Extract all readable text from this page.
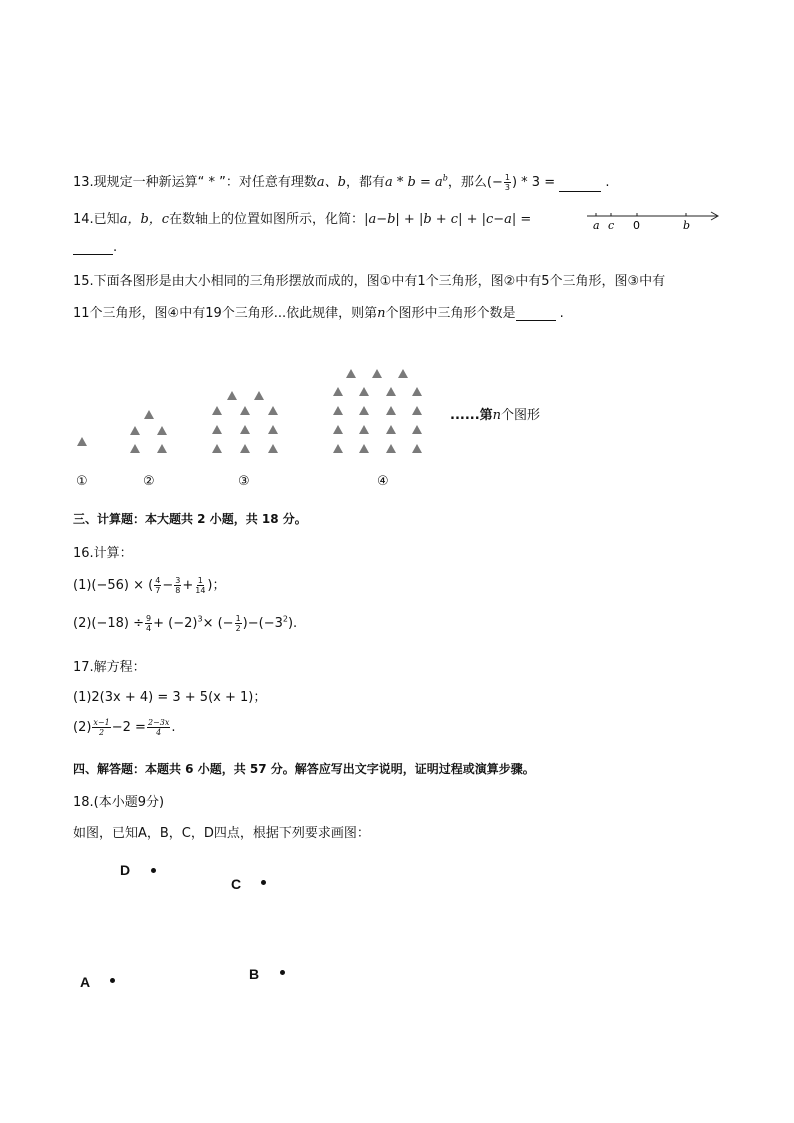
13.现规定一种新运算“ * ”：对任意有理数a、b，都有$a * b = a^b$，那么(− $\frac{1}{3}$ ) * 3 =	.
14.已知a，b，c在数轴上的位置如图所示，化简：|a−b| + |b + c| + |c−a| =
.
a c 0	b
15.下面各图形是由大小相同的三角形摆放而成的，图①中有1个三角形，图②中有5个三角形，图③中有
11个三角形，图④中有19个三角形...依此规律，则第n个图形中三角形个数是	.
......第n个图形
①	②	③	④
三、计算题：本大题共 2 小题，共 18 分。
16.计算：
(1)(−56) × ( $\frac{4}{7} - \frac{3}{8} + \frac{1}{14}$ )；
$(2)(-18) \div \frac{9}{4} + (-2)^3\times$ (− $\frac{1}{2} )-(-3^2)$.
17.解方程：
(1)2(3x + 4) = 3 + 5(x + 1)；
$(2) \frac{x-1}{2} -2 = \frac{2-3x}{4}$ .
四、解答题：本题共 6 小题，共 57 分。解答应写出文字说明，证明过程或演算步骤。
18.(本小题9分)
如图，已知A，B，C，D四点，根据下列要求画图：
D
C
A	B
